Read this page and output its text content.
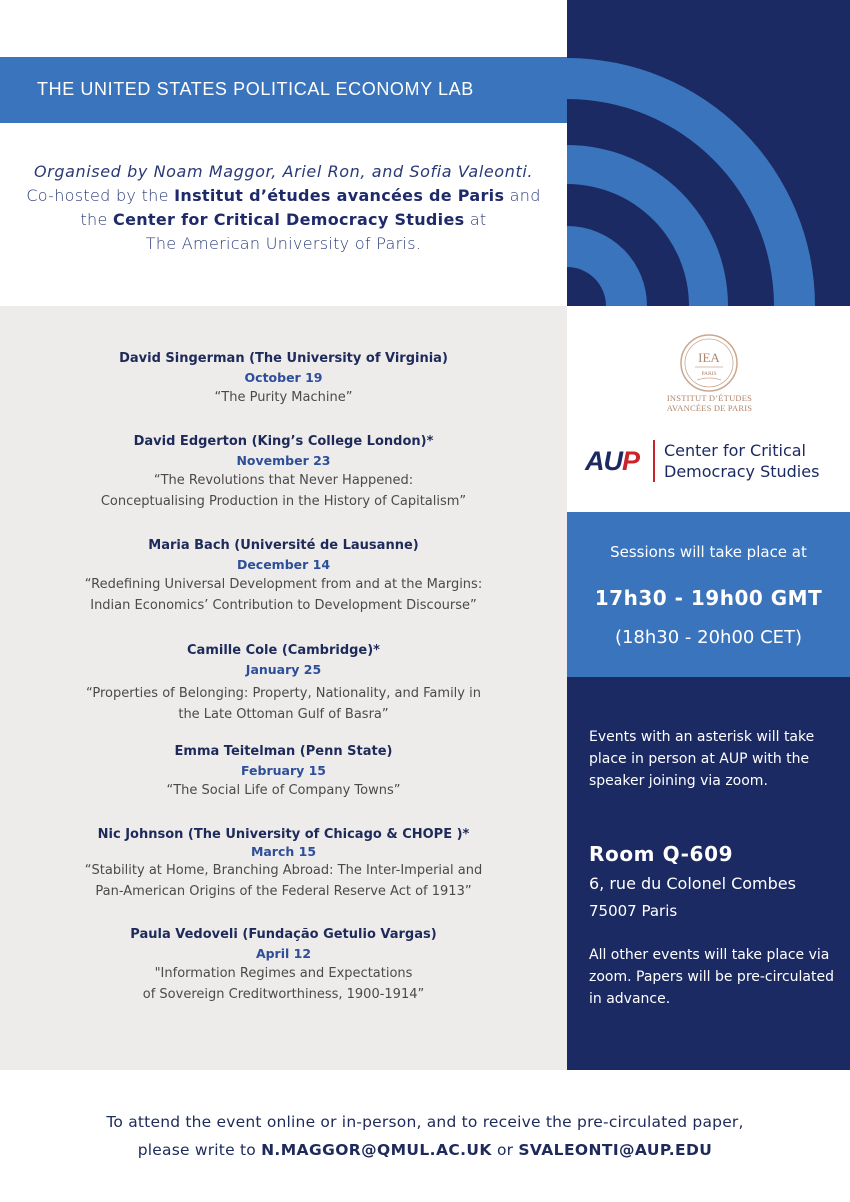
THE UNITED STATES POLITICAL ECONOMY LAB
Organised by Noam Maggor, Ariel Ron, and Sofia Valeonti.
Co-hosted by the Institut d’études avancées de Paris and
the Center for Critical Democracy Studies at
The American University of Paris.
David Singerman (The University of Virginia)
October 19
“The Purity Machine”
David Edgerton (King’s College London)*
November 23
“The Revolutions that Never Happened:
Conceptualising Production in the History of Capitalism”
Maria Bach (Université de Lausanne)
December 14
“Redefining Universal Development from and at the Margins:
Indian Economics’ Contribution to Development Discourse”
Camille Cole (Cambridge)*
January 25
“Properties of Belonging: Property, Nationality, and Family in
the Late Ottoman Gulf of Basra”
Emma Teitelman (Penn State)
February 15
“The Social Life of Company Towns”
Nic Johnson (The University of Chicago & CHOPE )*
March 15
“Stability at Home, Branching Abroad: The Inter-Imperial and
Pan-American Origins of the Federal Reserve Act of 1913”
Paula Vedoveli (Fundação Getulio Vargas)
April 12
"Information Regimes and Expectations
of Sovereign Creditworthiness, 1900-1914”
IEA
PARIS
INSTITUT D’ÉTUDES
AVANCÉES DE PARIS
AUP Center for Critical
Democracy Studies
Sessions will take place at
17h30 - 19h00 GMT
(18h30 - 20h00 CET)
Events with an asterisk will take place in person at AUP with the speaker joining via zoom.
Room Q-609
6, rue du Colonel Combes
75007 Paris
All other events will take place via zoom. Papers will be pre-circulated in advance.
To attend the event online or in-person, and to receive the pre-circulated paper,
please write to N.MAGGOR@QMUL.AC.UK or SVALEONTI@AUP.EDU
